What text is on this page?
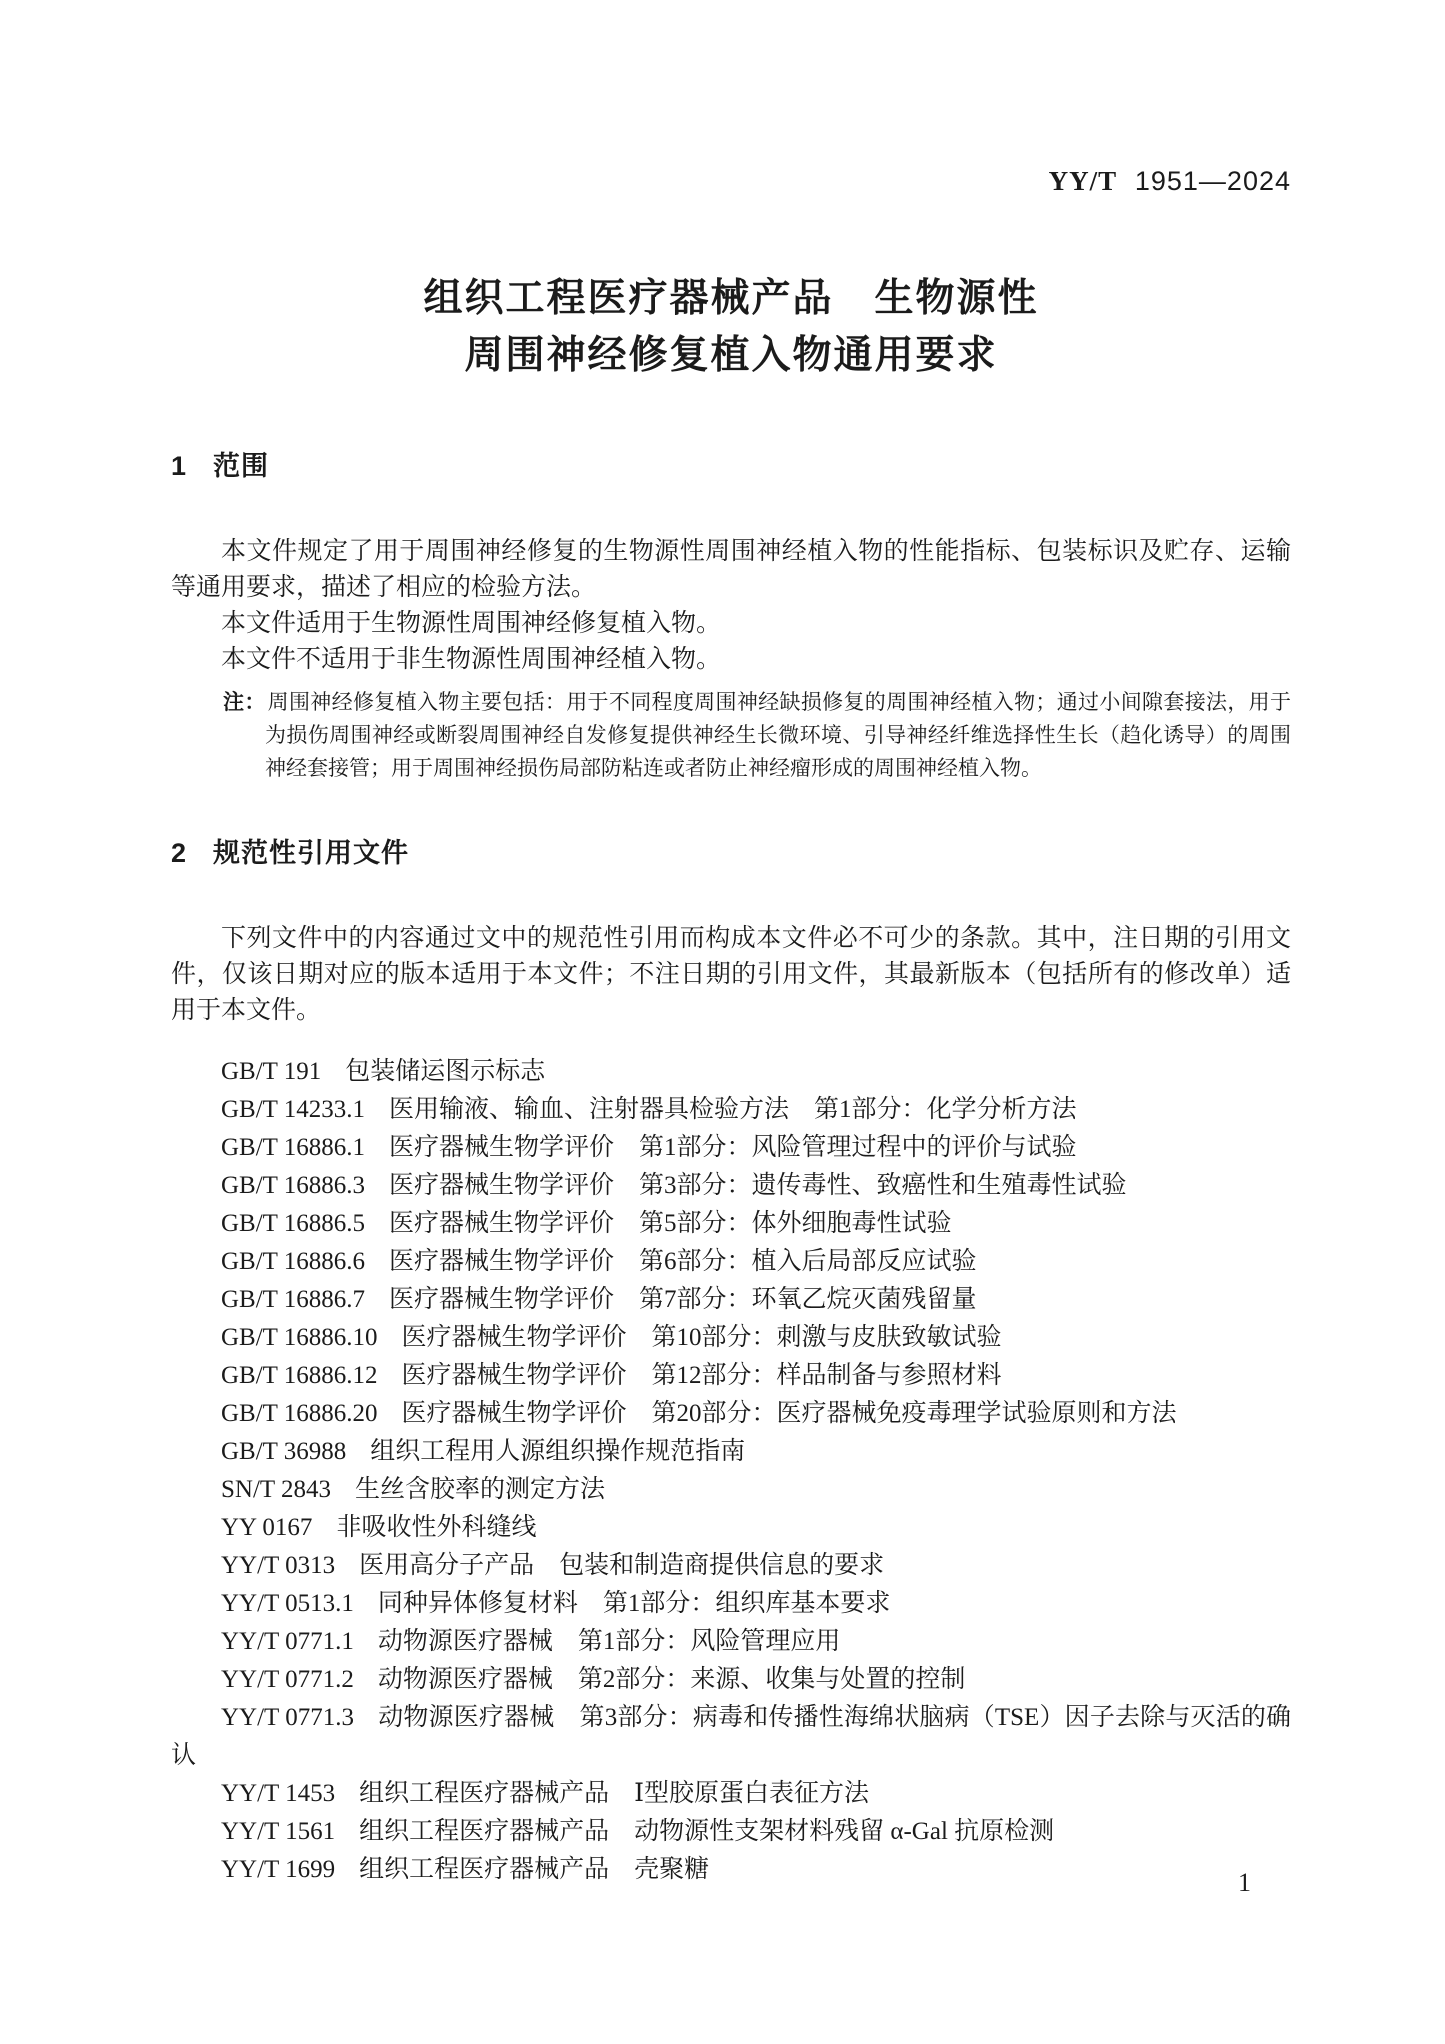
YY/T 1951—2024
组织工程医疗器械产品　生物源性
周围神经修复植入物通用要求
1 范围

本文件规定了用于周围神经修复的生物源性周围神经植入物的性能指标、包装标识及贮存、运输等通用要求，描述了相应的检验方法。

本文件适用于生物源性周围神经修复植入物。

本文件不适用于非生物源性周围神经植入物。

注：周围神经修复植入物主要包括：用于不同程度周围神经缺损修复的周围神经植入物；通过小间隙套接法，用于为损伤周围神经或断裂周围神经自发修复提供神经生长微环境、引导神经纤维选择性生长（趋化诱导）的周围神经套接管；用于周围神经损伤局部防粘连或者防止神经瘤形成的周围神经植入物。

2 规范性引用文件

下列文件中的内容通过文中的规范性引用而构成本文件必不可少的条款。其中，注日期的引用文件，仅该日期对应的版本适用于本文件；不注日期的引用文件，其最新版本（包括所有的修改单）适用于本文件。

GB/T 191 包装储运图示标志

GB/T 14233.1 医用输液、输血、注射器具检验方法　第1部分：化学分析方法

GB/T 16886.1 医疗器械生物学评价　第1部分：风险管理过程中的评价与试验

GB/T 16886.3 医疗器械生物学评价　第3部分：遗传毒性、致癌性和生殖毒性试验

GB/T 16886.5 医疗器械生物学评价　第5部分：体外细胞毒性试验

GB/T 16886.6 医疗器械生物学评价　第6部分：植入后局部反应试验

GB/T 16886.7 医疗器械生物学评价　第7部分：环氧乙烷灭菌残留量

GB/T 16886.10 医疗器械生物学评价　第10部分：刺激与皮肤致敏试验

GB/T 16886.12 医疗器械生物学评价　第12部分：样品制备与参照材料

GB/T 16886.20 医疗器械生物学评价　第20部分：医疗器械免疫毒理学试验原则和方法

GB/T 36988 组织工程用人源组织操作规范指南

SN/T 2843 生丝含胶率的测定方法

YY 0167 非吸收性外科缝线

YY/T 0313 医用高分子产品　包装和制造商提供信息的要求

YY/T 0513.1 同种异体修复材料　第1部分：组织库基本要求

YY/T 0771.1 动物源医疗器械　第1部分：风险管理应用

YY/T 0771.2 动物源医疗器械　第2部分：来源、收集与处置的控制

YY/T 0771.3 动物源医疗器械　第3部分：病毒和传播性海绵状脑病（TSE）因子去除与灭活的确认

YY/T 1453 组织工程医疗器械产品　Ⅰ型胶原蛋白表征方法

YY/T 1561 组织工程医疗器械产品　动物源性支架材料残留 α-Gal 抗原检测

YY/T 1699 组织工程医疗器械产品　壳聚糖	1
